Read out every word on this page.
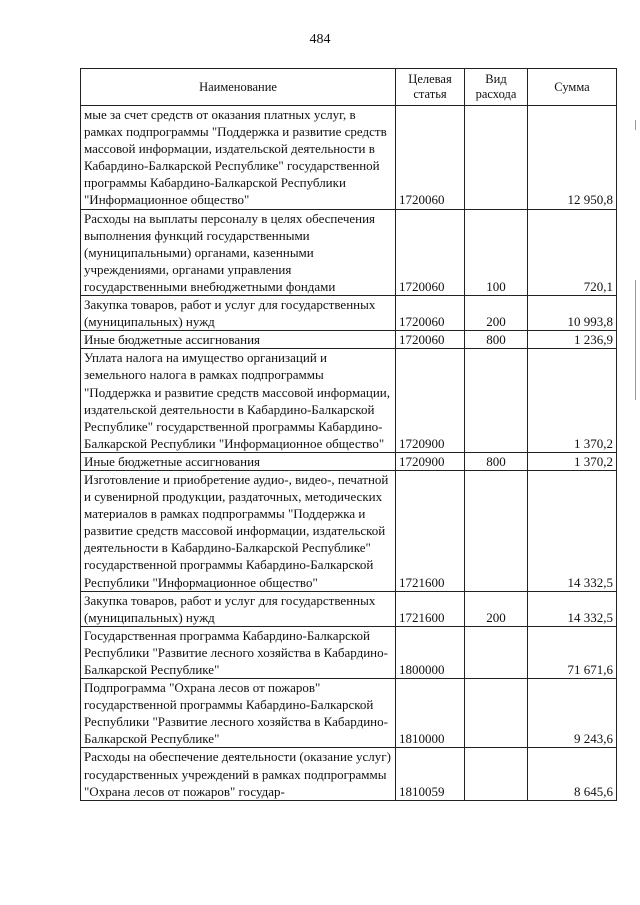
484
Наименование	Целевая статья	Вид расхода	Сумма
мые за счет средств от оказания платных услуг, в рамках подпрограммы "Поддержка и развитие средств массовой информации, издательской деятельности в Кабардино-Балкарской Республике" государственной программы Кабардино-Балкарской Республики "Информационное общество"	1720060		12 950,8
Расходы на выплаты персоналу в целях обеспечения выполнения функций государственными (муниципальными) органами, казенными учреждениями, органами управления государственными внебюджетными фондами	1720060	100	720,1
Закупка товаров, работ и услуг для государственных (муниципальных) нужд	1720060	200	10 993,8
Иные бюджетные ассигнования	1720060	800	1 236,9
Уплата налога на имущество организаций и земельного налога в рамках подпрограммы "Поддержка и развитие средств массовой информации, издательской деятельности в Кабардино-Балкарской Республике" государственной программы Кабардино-Балкарской Республики "Информационное общество"	1720900		1 370,2
Иные бюджетные ассигнования	1720900	800	1 370,2
Изготовление и приобретение аудио-, видео-, печатной и сувенирной продукции, раздаточных, методических материалов в рамках подпрограммы "Поддержка и развитие средств массовой информации, издательской деятельности в Кабардино-Балкарской Республике" государственной программы Кабардино-Балкарской Республики "Информационное общество"	1721600		14 332,5
Закупка товаров, работ и услуг для государственных (муниципальных) нужд	1721600	200	14 332,5
Государственная программа Кабардино-Балкарской Республики "Развитие лесного хозяйства в Кабардино-Балкарской Республике"	1800000		71 671,6
Подпрограмма "Охрана лесов от пожаров" государственной программы Кабардино-Балкарской Республики "Развитие лесного хозяйства в Кабардино-Балкарской Республике"	1810000		9 243,6
Расходы на обеспечение деятельности (оказание услуг) государственных учреждений в рамках подпрограммы "Охрана лесов от пожаров" государ-	1810059		8 645,6
